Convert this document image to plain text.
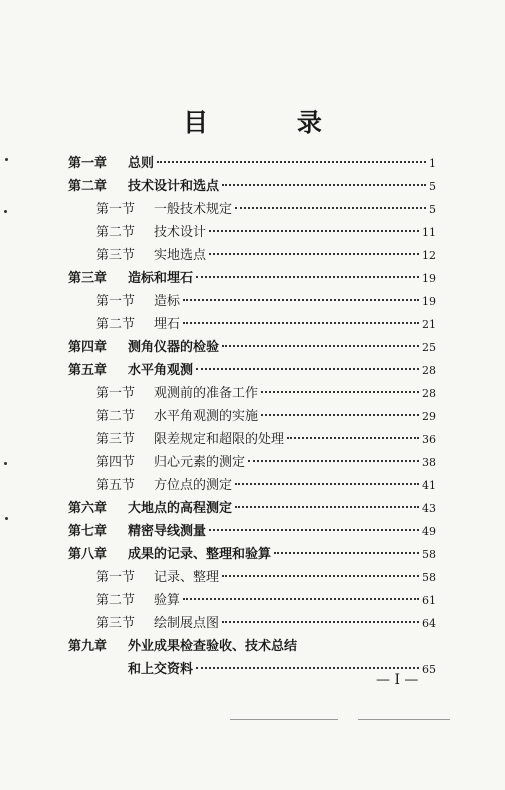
目 录
第一章	总则	1
第二章	技术设计和选点	5
第一节	一般技术规定	5
第二节	技术设计	11
第三节	实地选点	12
第三章	造标和埋石	19
第一节	造标	19
第二节	埋石	21
第四章	测角仪器的检验	25
第五章	水平角观测	28
第一节	观测前的准备工作	28
第二节	水平角观测的实施	29
第三节	限差规定和超限的处理	36
第四节	归心元素的测定	38
第五节	方位点的测定	41
第六章	大地点的高程测定	43
第七章	精密导线测量	49
第八章	成果的记录、整理和验算	58
第一节	记录、整理	58
第二节	验算	61
第三节	绘制展点图	64
第九章	外业成果检查验收、技术总结
和上交资料	65
— I —
